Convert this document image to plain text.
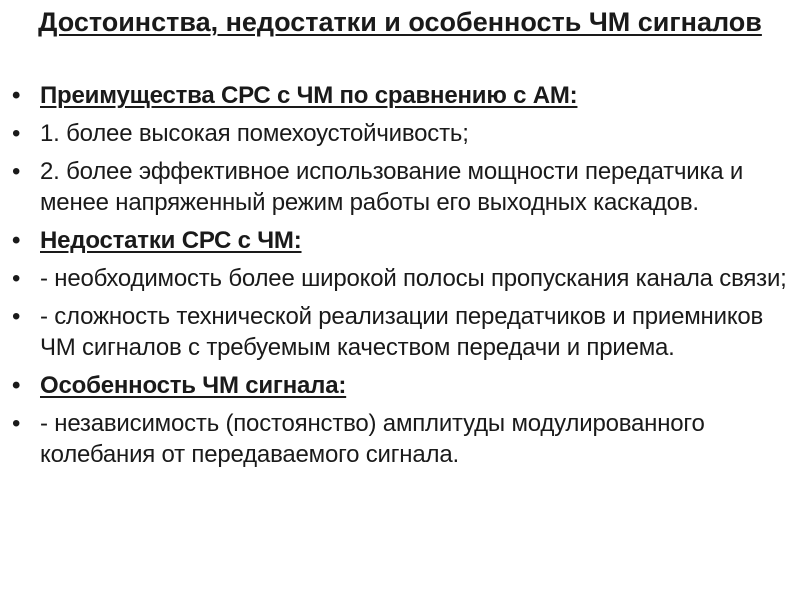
Достоинства, недостатки и особенность ЧМ сигналов
• Преимущества СРС с ЧМ по сравнению с АМ:
• 1. более высокая помехоустойчивость;
• 2. более эффективное использование мощности передатчика и менее напряженный режим работы его выходных каскадов.
• Недостатки СРС с ЧМ:
• - необходимость более широкой полосы пропускания канала связи;
• - сложность технической реализации передатчиков и приемников ЧМ сигналов с требуемым качеством передачи и приема.
• Особенность ЧМ сигнала:
• - независимость (постоянство) амплитуды модулированного колебания от передаваемого сигнала.
